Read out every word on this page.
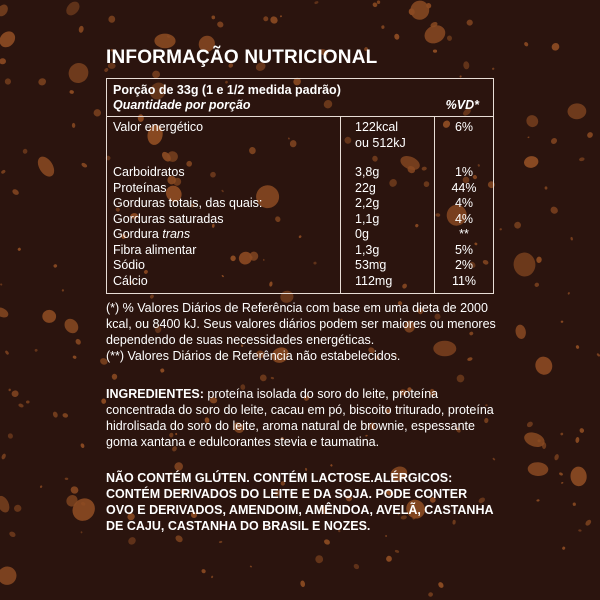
INFORMAÇÃO NUTRICIONAL
Porção de 33g (1 e 1/2 medida padrão)
Quantidade por porção	%VD*
Valor energético
Carboidratos
Proteínas
Gorduras totais, das quais:
Gorduras saturadas
Gordura trans
Fibra alimentar
Sódio
Cálcio
122kcal
ou 512kJ
3,8g
22g
2,2g
1,1g
0g
1,3g
53mg
112mg
6%
1%
44%
4%
4%
**
5%
2%
11%
(*) % Valores Diários de Referência com base em uma dieta de 2000 kcal, ou 8400 kJ. Seus valores diários podem ser maiores ou menores dependendo de suas necessidades energéticas.
(**) Valores Diários de Referência não estabelecidos.
INGREDIENTES: proteína isolada do soro do leite, proteína concentrada do soro do leite, cacau em pó, biscoito triturado, proteína hidrolisada do soro do leite, aroma natural de brownie, espessante goma xantana e edulcorantes stevia e taumatina.
NÃO CONTÉM GLÚTEN. CONTÉM LACTOSE.ALÉRGICOS: CONTÉM DERIVADOS DO LEITE E DA SOJA. PODE CONTER OVO E DERIVADOS, AMENDOIM, AMÊNDOA, AVELÃ, CASTANHA DE CAJU, CASTANHA DO BRASIL E NOZES.
